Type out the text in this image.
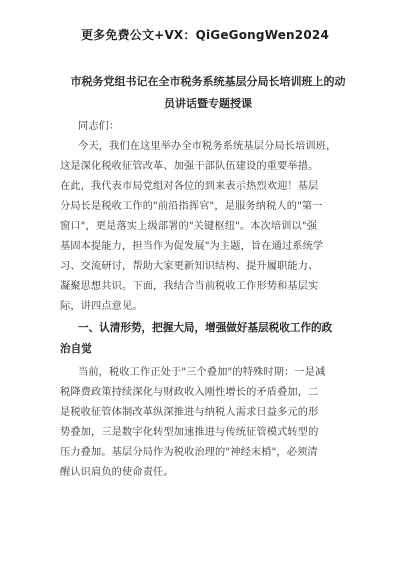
更多免费公文+VX：QiGeGongWen2024
市税务党组书记在全市税务系统基层分局长培训班上的动
员讲话暨专题授课
同志们：
今天，我们在这里举办全市税务系统基层分局长培训班，
这是深化税收征管改革、加强干部队伍建设的重要举措。
在此，我代表市局党组对各位的到来表示热烈欢迎！基层
分局长是税收工作的"前沿指挥官"，是服务纳税人的"第一
窗口"，更是落实上级部署的"关键枢纽"。本次培训以"强
基固本提能力，担当作为促发展"为主题，旨在通过系统学
习、交流研讨，帮助大家更新知识结构、提升履职能力、
凝聚思想共识。下面，我结合当前税收工作形势和基层实
际，讲四点意见。
一、认清形势，把握大局，增强做好基层税收工作的政
治自觉
当前，税收工作正处于"三个叠加"的特殊时期：一是减
税降费政策持续深化与财政收入刚性增长的矛盾叠加，二
是税收征管体制改革纵深推进与纳税人需求日益多元的形
势叠加，三是数字化转型加速推进与传统征管模式转型的
压力叠加。基层分局作为税收治理的"神经末梢"，必须清
醒认识肩负的使命责任。
